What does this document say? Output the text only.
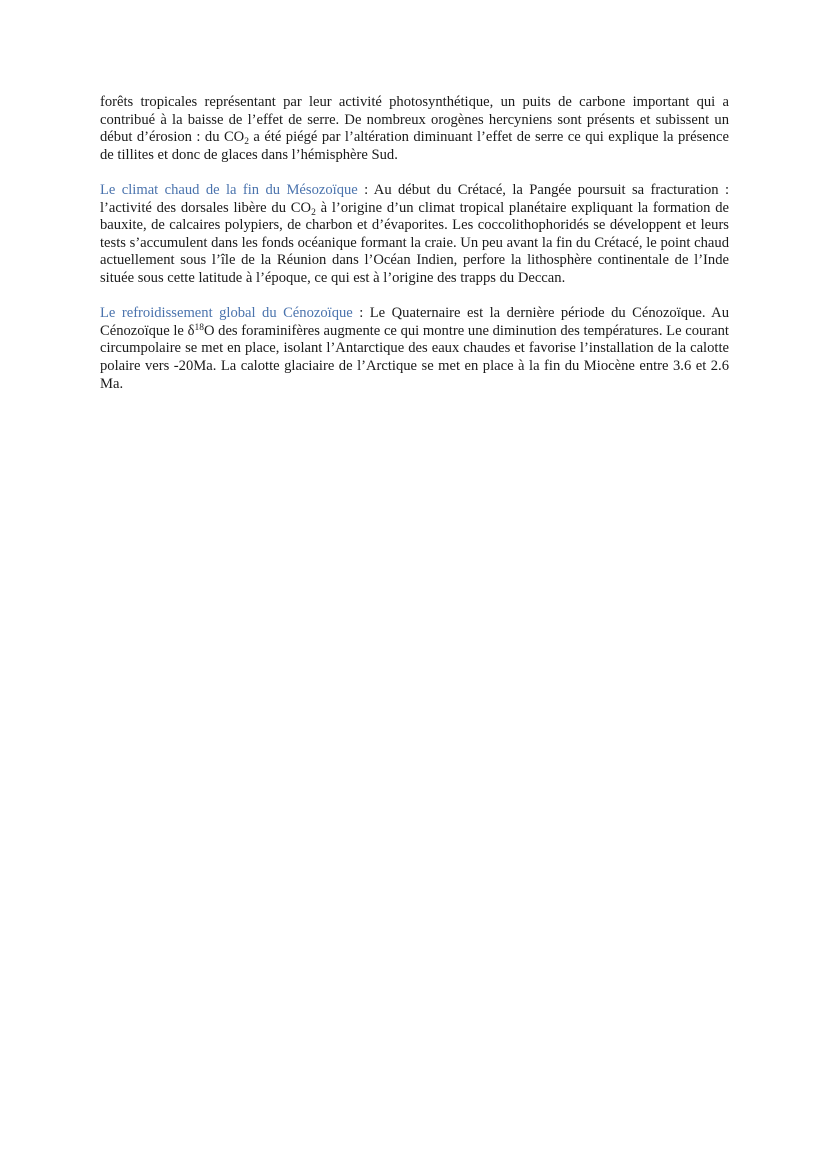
forêts tropicales représentant par leur activité photosynthétique, un puits de carbone important qui a contribué à la baisse de l’effet de serre. De nombreux orogènes hercyniens sont présents et subissent un début d’érosion : du $CO_2$ a été piégé par l’altération diminuant l’effet de serre ce qui explique la présence de tillites et donc de glaces dans l’hémisphère Sud.

Le climat chaud de la fin du Mésozoïque : Au début du Crétacé, la Pangée poursuit sa fracturation : l’activité des dorsales libère du $CO_2$ à l’origine d’un climat tropical planétaire expliquant la formation de bauxite, de calcaires polypiers, de charbon et d’évaporites. Les coccolithophoridés se développent et leurs tests s’accumulent dans les fonds océanique formant la craie. Un peu avant la fin du Crétacé, le point chaud actuellement sous l’île de la Réunion dans l’Océan Indien, perfore la lithosphère continentale de l’Inde située sous cette latitude à l’époque, ce qui est à l’origine des trapps du Deccan.

Le refroidissement global du Cénozoïque : Le Quaternaire est la dernière période du Cénozoïque. Au Cénozoïque le $\delta^{18}O$ des foraminifères augmente ce qui montre une diminution des températures. Le courant circumpolaire se met en place, isolant l’Antarctique des eaux chaudes et favorise l’installation de la calotte polaire vers -20Ma. La calotte glaciaire de l’Arctique se met en place à la fin du Miocène entre 3.6 et 2.6 Ma.
